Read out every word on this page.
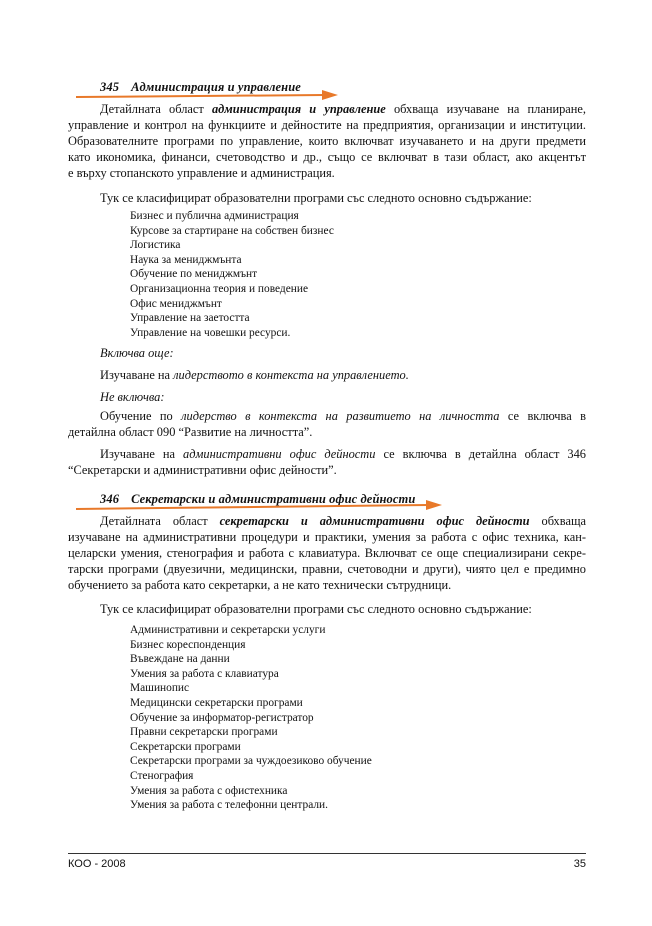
345 Администрация и управление
Детайлната област администрация и управление обхваща изучаване на планиране,
управление и контрол на функциите и дейностите на предприятия, организации и институции.
Образователните програми по управление, които включват изучаването и на други предмети
като икономика, финанси, счетоводство и др., също се включват в тази област, ако акцентът
е върху стопанското управление и администрация.
Тук се класифицират образователни програми със следното основно съдържание:
Бизнес и публична администрация
Курсове за стартиране на собствен бизнес
Логистика
Наука за мениджмънта
Обучение по мениджмънт
Организационна теория и поведение
Офис мениджмънт
Управление на заетостта
Управление на човешки ресурси.
Включва още:
Изучаване на лидерството в контекста на управлението.
Не включва:
Обучение по лидерство в контекста на развитието на личността се включва в
детайлна област 090 “Развитие на личността”.
Изучаване на административни офис дейности се включва в детайлна област 346
“Секретарски и административни офис дейности”.
346 Секретарски и административни офис дейности
Детайлната област секретарски и административни офис дейности обхваща
изучаване на административни процедури и практики, умения за работа с офис техника, кан-
целарски умения, стенография и работа с клавиатура. Включват се още специализирани секре-
тарски програми (двуезични, медицински, правни, счетоводни и други), чиято цел е предимно
обучението за работа като секретарки, а не като технически сътрудници.
Тук се класифицират образователни програми със следното основно съдържание:
Административни и секретарски услуги
Бизнес кореспонденция
Въвеждане на данни
Умения за работа с клавиатура
Машинопис
Медицински секретарски програми
Обучение за информатор-регистратор
Правни секретарски програми
Секретарски програми
Секретарски програми за чуждоезиково обучение
Стенография
Умения за работа с офистехника
Умения за работа с телефонни централи.
КОО - 2008	35
